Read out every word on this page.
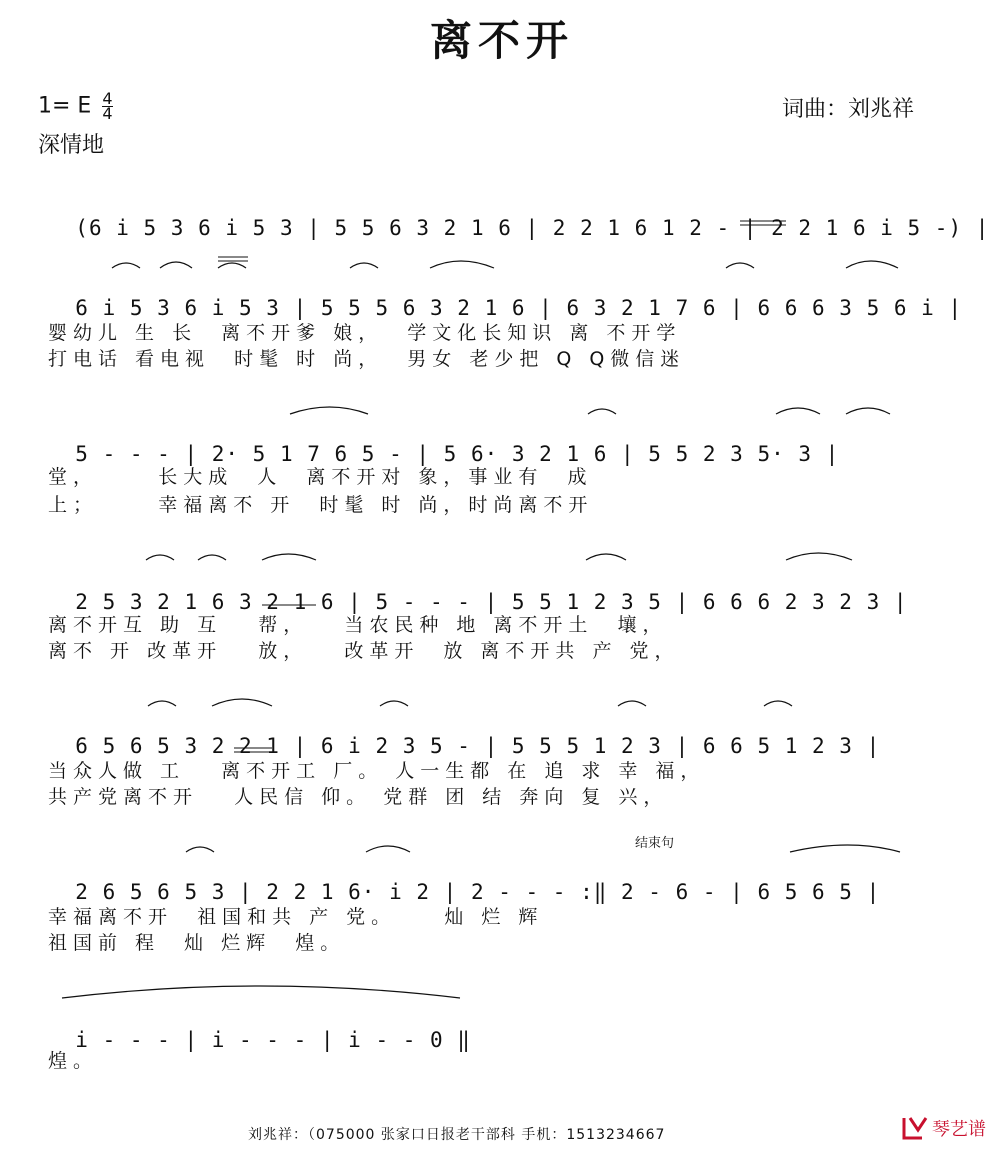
离不开
1= E $\frac{4}{4}$
深情地
词曲：刘兆祥

(6 i 5 3 6 i 5 3 | 5 5 6 3 2 1 6 | 2 2 1 6 1 2 - | 2 2 1 6 i 5 -) |

6 i 5 3 6 i 5 3 | 5 5 5 6 3 2 1 6 | 6 3 2 1 7 6 | 6 6 6 3 5 6 i |

婴幼儿 生 长  离不开爹 娘，  学文化长知识 离 不开学
打电话 看电视  时髦 时 尚，  男女 老少把 Q Q微信迷

5 - - - | 2· 5 1 7 6 5 - | 5 6· 3 2 1 6 | 5 5 2 3 5· 3 |

堂，     长大成  人  离不开对 象，事业有  成
上；     幸福离不 开  时髦 时 尚，时尚离不开

2 5 3 2 1 6 3 2 1 6 | 5 - - - | 5 5 1 2 3 5 | 6 6 6 2 3 2 3 |

离不开互 助 互   帮，   当农民种 地 离不开土  壤，
离不 开 改革开   放，   改革开  放 离不开共 产 党，

6 5 6 5 3 2 2 1 | 6 i 2 3 5 - | 5 5 5 1 2 3 | 6 6 5 1 2 3 |

当众人做 工   离不开工 厂。 人一生都 在 追 求 幸 福，
共产党离不开   人民信 仰。 党群 团 结 奔向 复 兴，
结束句

2 6 5 6 5 3 | 2 2 1 6· i 2 | 2 - - - :‖ 2 - 6 - | 6 5 6 5 |

幸福离不开  祖国和共 产 党。    灿 烂 辉
祖国前 程  灿 烂辉  煌。

i - - - | i - - - | i - - 0 ‖

煌。
刘兆祥：（075000 张家口日报老干部科 手机：1513234667	琴艺谱
